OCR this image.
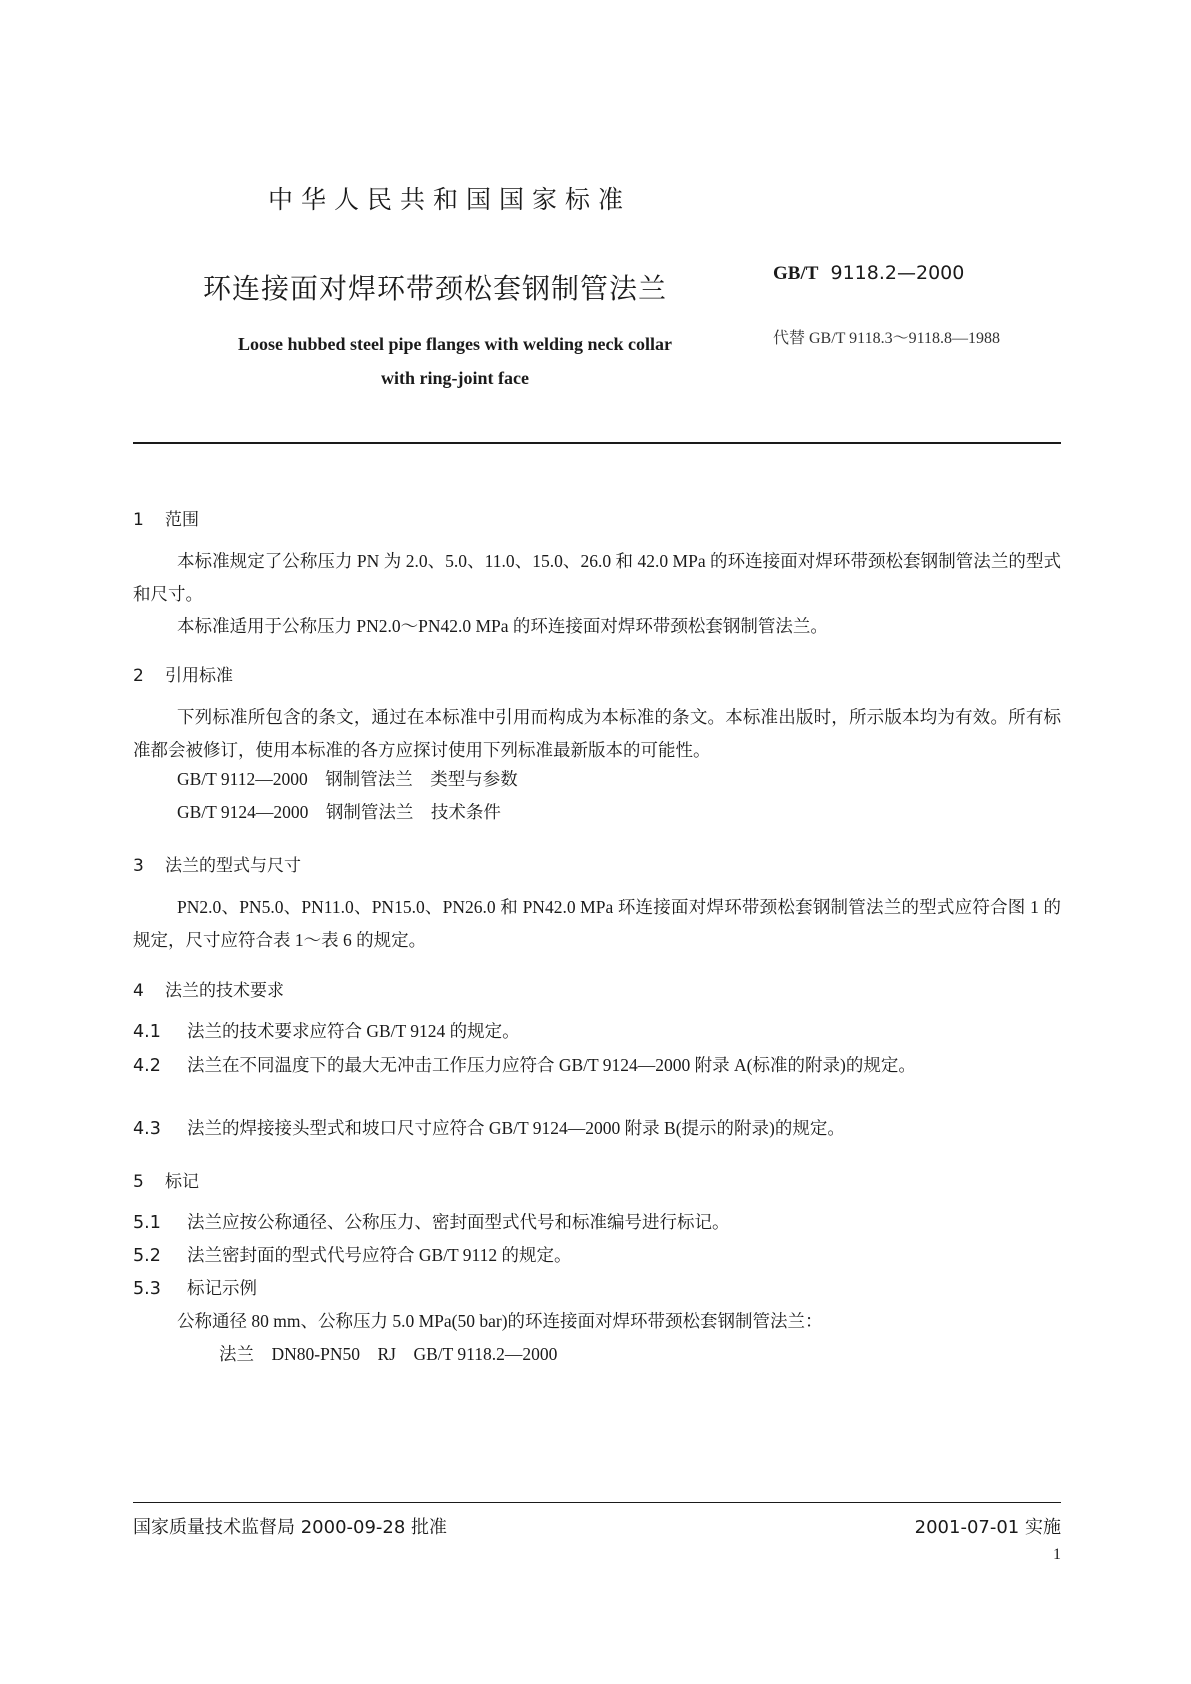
中华人民共和国国家标准
环连接面对焊环带颈松套钢制管法兰	GB/T 9118.2—2000
代替 GB/T 9118.3～9118.8—1988
Loose hubbed steel pipe flanges with welding neck collar
with ring-joint face
1 范围
本标准规定了公称压力 PN 为 2.0、5.0、11.0、15.0、26.0 和 42.0 MPa 的环连接面对焊环带颈松套钢制管法兰的型式和尺寸。
本标准适用于公称压力 PN2.0～PN42.0 MPa 的环连接面对焊环带颈松套钢制管法兰。
2 引用标准
下列标准所包含的条文，通过在本标准中引用而构成为本标准的条文。本标准出版时，所示版本均为有效。所有标准都会被修订，使用本标准的各方应探讨使用下列标准最新版本的可能性。
GB/T 9112—2000　 钢制管法兰　类型与参数
GB/T 9124—2000　 钢制管法兰　技术条件
3 法兰的型式与尺寸
PN2.0、PN5.0、PN11.0、PN15.0、PN26.0 和 PN42.0 MPa 环连接面对焊环带颈松套钢制管法兰的型式应符合图 1 的规定，尺寸应符合表 1～表 6 的规定。
4 法兰的技术要求
4.1 法兰的技术要求应符合 GB/T 9124 的规定。
4.2 法兰在不同温度下的最大无冲击工作压力应符合 GB/T 9124—2000 附录 A(标准的附录)的规定。
4.3 法兰的焊接接头型式和坡口尺寸应符合 GB/T 9124—2000 附录 B(提示的附录)的规定。
5 标记
5.1 法兰应按公称通径、公称压力、密封面型式代号和标准编号进行标记。
5.2 法兰密封面的型式代号应符合 GB/T 9112 的规定。
5.3 标记示例
公称通径 80 mm、公称压力 5.0 MPa(50 bar)的环连接面对焊环带颈松套钢制管法兰：
法兰　DN80-PN50　RJ　GB/T 9118.2—2000
国家质量技术监督局 2000-09-28 批准	2001-07-01 实施
1
